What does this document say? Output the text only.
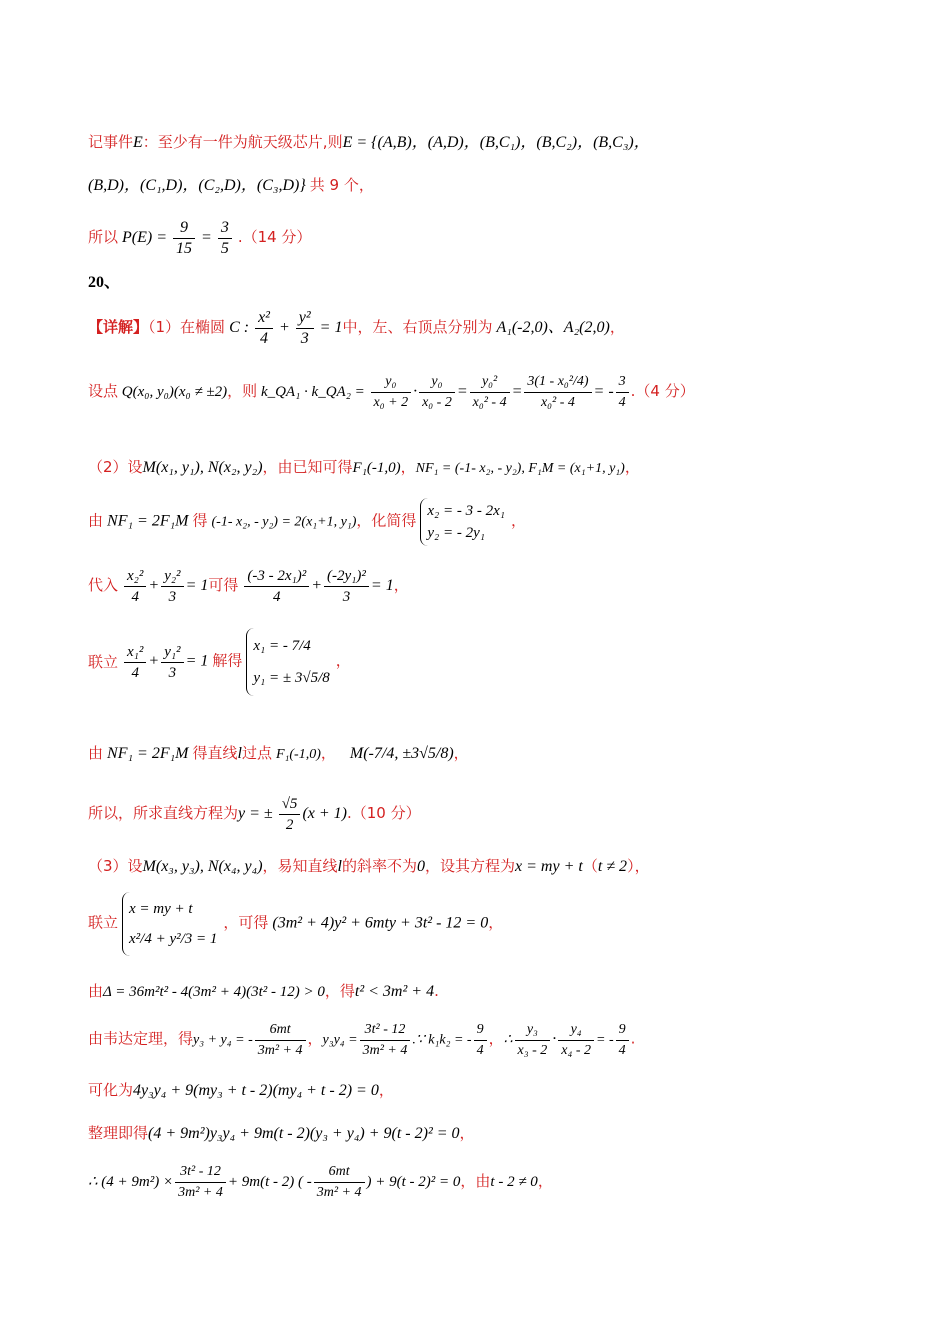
记事件E：至少有一件为航天级芯片,则E = {(A,B)，(A,D)，(B,C₁)，(B,C₂)，(B,C₃)，
(B,D)，(C₁,D)，(C₂,D)，(C₃,D)} 共 9 个，
所以 $P(E) = \frac{9}{15} = \frac{3}{5} .(14$ 分）
20、
【详解】（1）在椭圆 C : $\frac{\text{x²}}{4} + \frac{\text{y²}}{3} = 1$中，左、右顶点分别为 A₁(-2,0)、A₂(2,0)，
设点 Q(x₀, y₀)(x₀ ≠ ±2)，则 k_QA₁ · k_QA₂ = $\frac{\text{y₀}}{\text{x₀ + 2}} \cdot \frac{\text{y₀}}{\text{x₀ - 2}} = \frac{\text{y₀²}}{\text{x₀² - 4}} = \frac{\text{3(1 - x₀²/4)}}{\text{x₀² - 4}}$ = - $\frac{3}{4} .(4$ 分）
（2）设M(x₁, y₁), N(x₂, y₂)，由已知可得F₁(-1,0)，NF₁ = (-1- x₂, - y₂), F₁M = (x₁+1, y₁)，
由 NF₁ = 2F₁M 得 (-1- x₂, - y₂) = 2(x₁+1, y₁)，化简得
x₂ = - 3 - 2x₁
y₂ = - 2y₁
，
代入 $\frac{\text{x₂²}}{4} + \frac{\text{y₂²}}{3} = 1$可得 $\frac{\text{(-3 - 2x₁)²}}{4} + \frac{\text{(-2y₁)²}}{3} = 1$，
联立 $\frac{\text{x₁²}}{4} + \frac{\text{y₁²}}{3} = 1$ 解得
x₁ = - 7/4
y₁ = ± 3√5/8
，
由 NF₁ = 2F₁M 得直线l过点 F₁(-1,0)， M(-7/4, ±3√5/8)，
所以，所求直线方程为y = ± $\frac{√5}{2} (x + 1).(10$ 分）
（3）设M(x₃, y₃), N(x₄, y₄)，易知直线l的斜率不为0，设其方程为x = my + t（t ≠ 2），
联立
x = my + t
x²/4 + y²/3 = 1
，可得 (3m² + 4)y² + 6mty + 3t² - 12 = 0，
由Δ = 36m²t² - 4(3m² + 4)(3t² - 12) > 0，得t² < 3m² + 4.
由韦达定理，得y₃ + y₄ = - $\frac{6mt}{\text{3m² + 4}}$ ，$y_3y_4 = \frac{\text{3t² - 12}}{\text{3m² + 4}}$ .∵ k₁k₂ = - $\frac{9}{4}$ ，∴ $\frac{\text{y₃}}{\text{x₃ - 2}} \cdot \frac{\text{y₄}}{\text{x₄ - 2}}$ = - $\frac{9}{4}$ .
可化为4y₃y₄ + 9(my₃ + t - 2)(my₄ + t - 2) = 0，
整理即得(4 + 9m²)y₃y₄ + 9m(t - 2)(y₃ + y₄) + 9(t - 2)² = 0，
∴ $(4 + 9m^2) \times \frac{\text{3t² - 12}}{\text{3m² + 4}} + 9m(t - 2)$ ( - $\frac{6mt}{\text{3m² + 4}}$ ) + 9(t - 2)² = 0，由t - 2 ≠ 0，
